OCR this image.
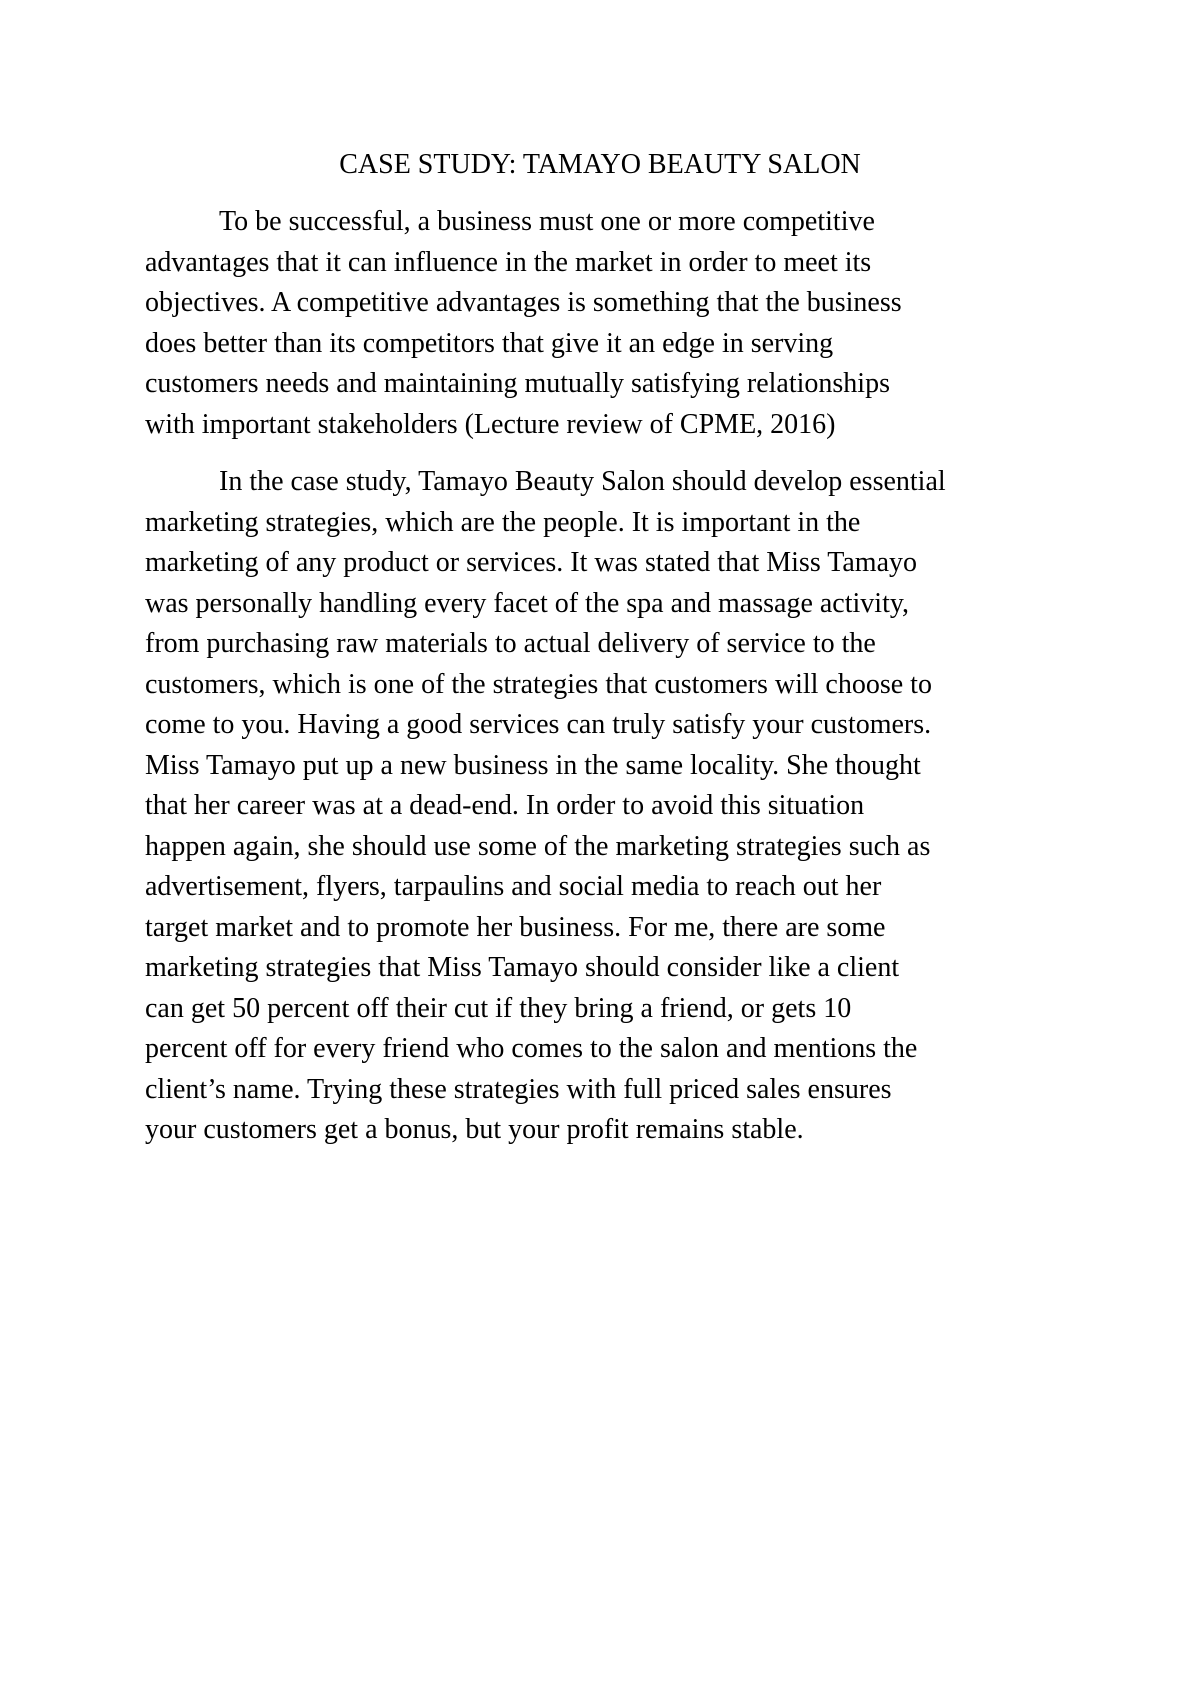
CASE STUDY: TAMAYO BEAUTY SALON
To be successful, a business must one or more competitive
advantages that it can influence in the market in order to meet its
objectives. A competitive advantages is something that the business
does better than its competitors that give it an edge in serving
customers needs and maintaining mutually satisfying relationships
with important stakeholders (Lecture review of CPME, 2016)
In the case study, Tamayo Beauty Salon should develop essential
marketing strategies, which are the people. It is important in the
marketing of any product or services. It was stated that Miss Tamayo
was personally handling every facet of the spa and massage activity,
from purchasing raw materials to actual delivery of service to the
customers, which is one of the strategies that customers will choose to
come to you. Having a good services can truly satisfy your customers.
Miss Tamayo put up a new business in the same locality. She thought
that her career was at a dead-end. In order to avoid this situation
happen again, she should use some of the marketing strategies such as
advertisement, flyers, tarpaulins and social media to reach out her
target market and to promote her business. For me, there are some
marketing strategies that Miss Tamayo should consider like a client
can get 50 percent off their cut if they bring a friend, or gets 10
percent off for every friend who comes to the salon and mentions the
client’s name. Trying these strategies with full priced sales ensures
your customers get a bonus, but your profit remains stable.
